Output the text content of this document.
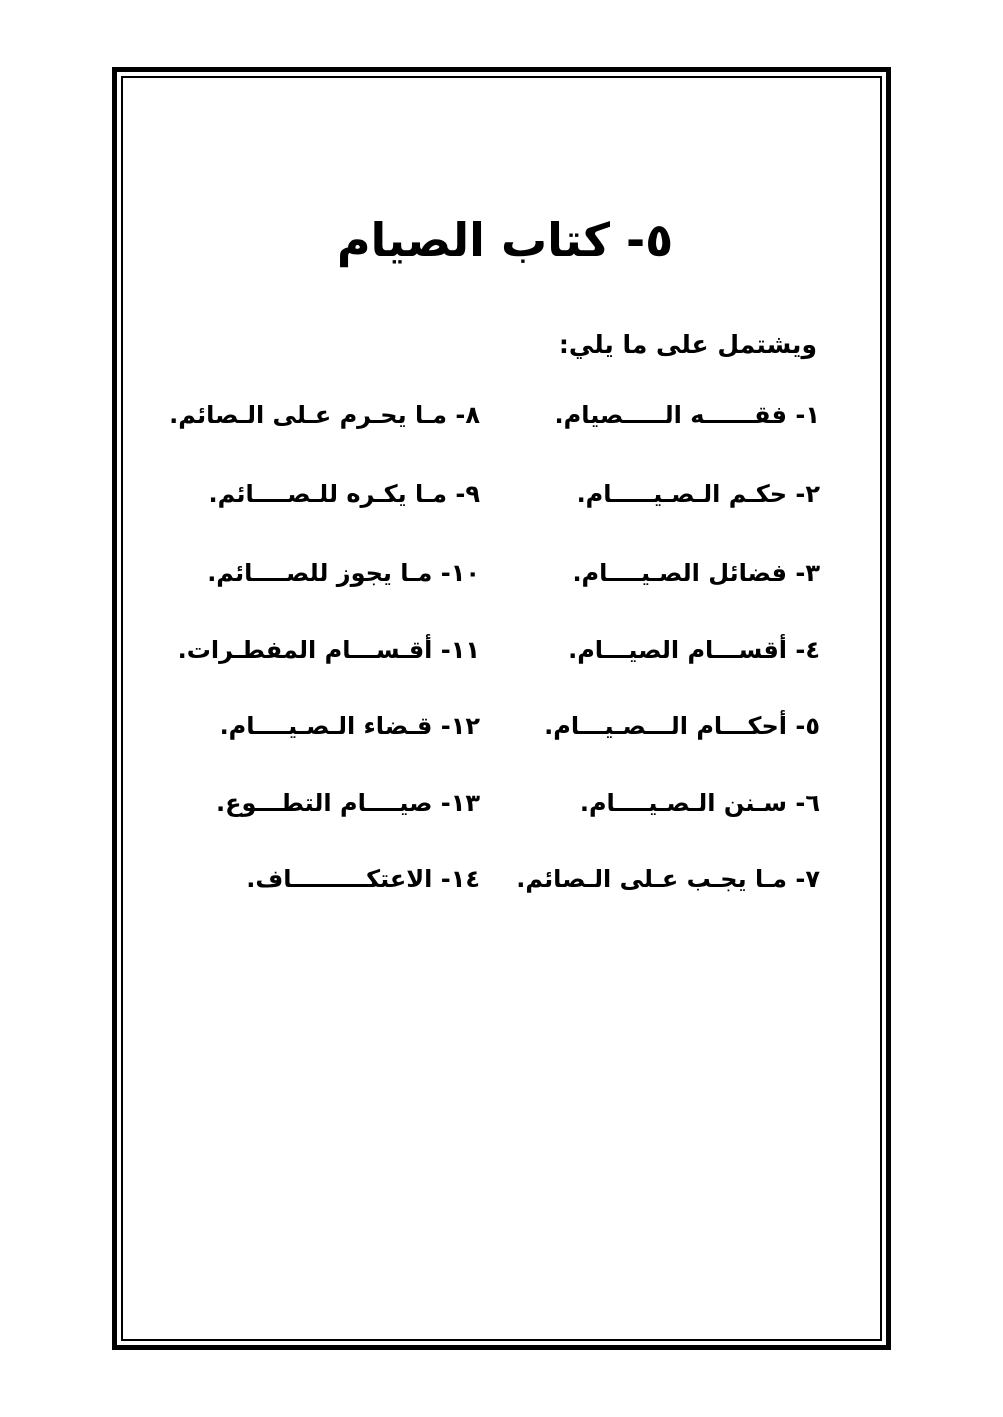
٥- كتاب الصيام
ويشتمل على ما يلي:
١- فقــــــه الـــــصيام.
٨- مـا يحـرم عـلى الـصائم.
٢- حكـم الـصـيـــــام.
٩- مـا يكـره للـصــــائم.
٣- فضائل الصـيــــام.
١٠- مـا يجوز للصــــائم.
٤- أقســـام الصيـــام.
١١- أقـســـام المفطـرات.
٥- أحكـــام الـــصـيـــام.
١٢- قـضاء الـصـيــــام.
٦- سـنن الـصـيــــام.
١٣- صيــــام التطـــوع.
٧- مـا يجـب عـلى الـصائم.
١٤- الاعتكـــــــــاف.
